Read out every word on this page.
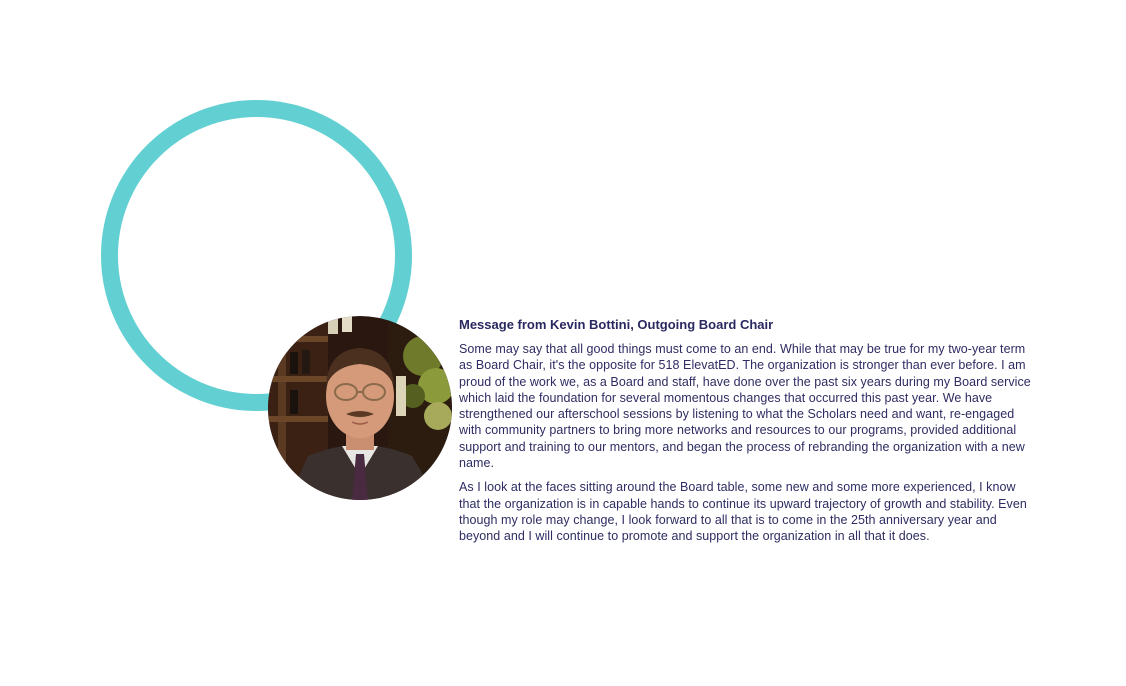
Message from Kevin Bottini, Outgoing Board Chair

Some may say that all good things must come to an end. While that may be true for my two-year term as Board Chair, it's the opposite for 518 ElevatED. The organization is stronger than ever before. I am proud of the work we, as a Board and staff, have done over the past six years during my Board service which laid the foundation for several momentous changes that occurred this past year. We have strengthened our afterschool sessions by listening to what the Scholars need and want, re-engaged with community partners to bring more networks and resources to our programs, provided additional support and training to our mentors, and began the process of rebranding the organization with a new name.

As I look at the faces sitting around the Board table, some new and some more experienced, I know that the organization is in capable hands to continue its upward trajectory of growth and stability. Even though my role may change, I look forward to all that is to come in the 25th anniversary year and beyond and I will continue to promote and support the organization in all that it does.
